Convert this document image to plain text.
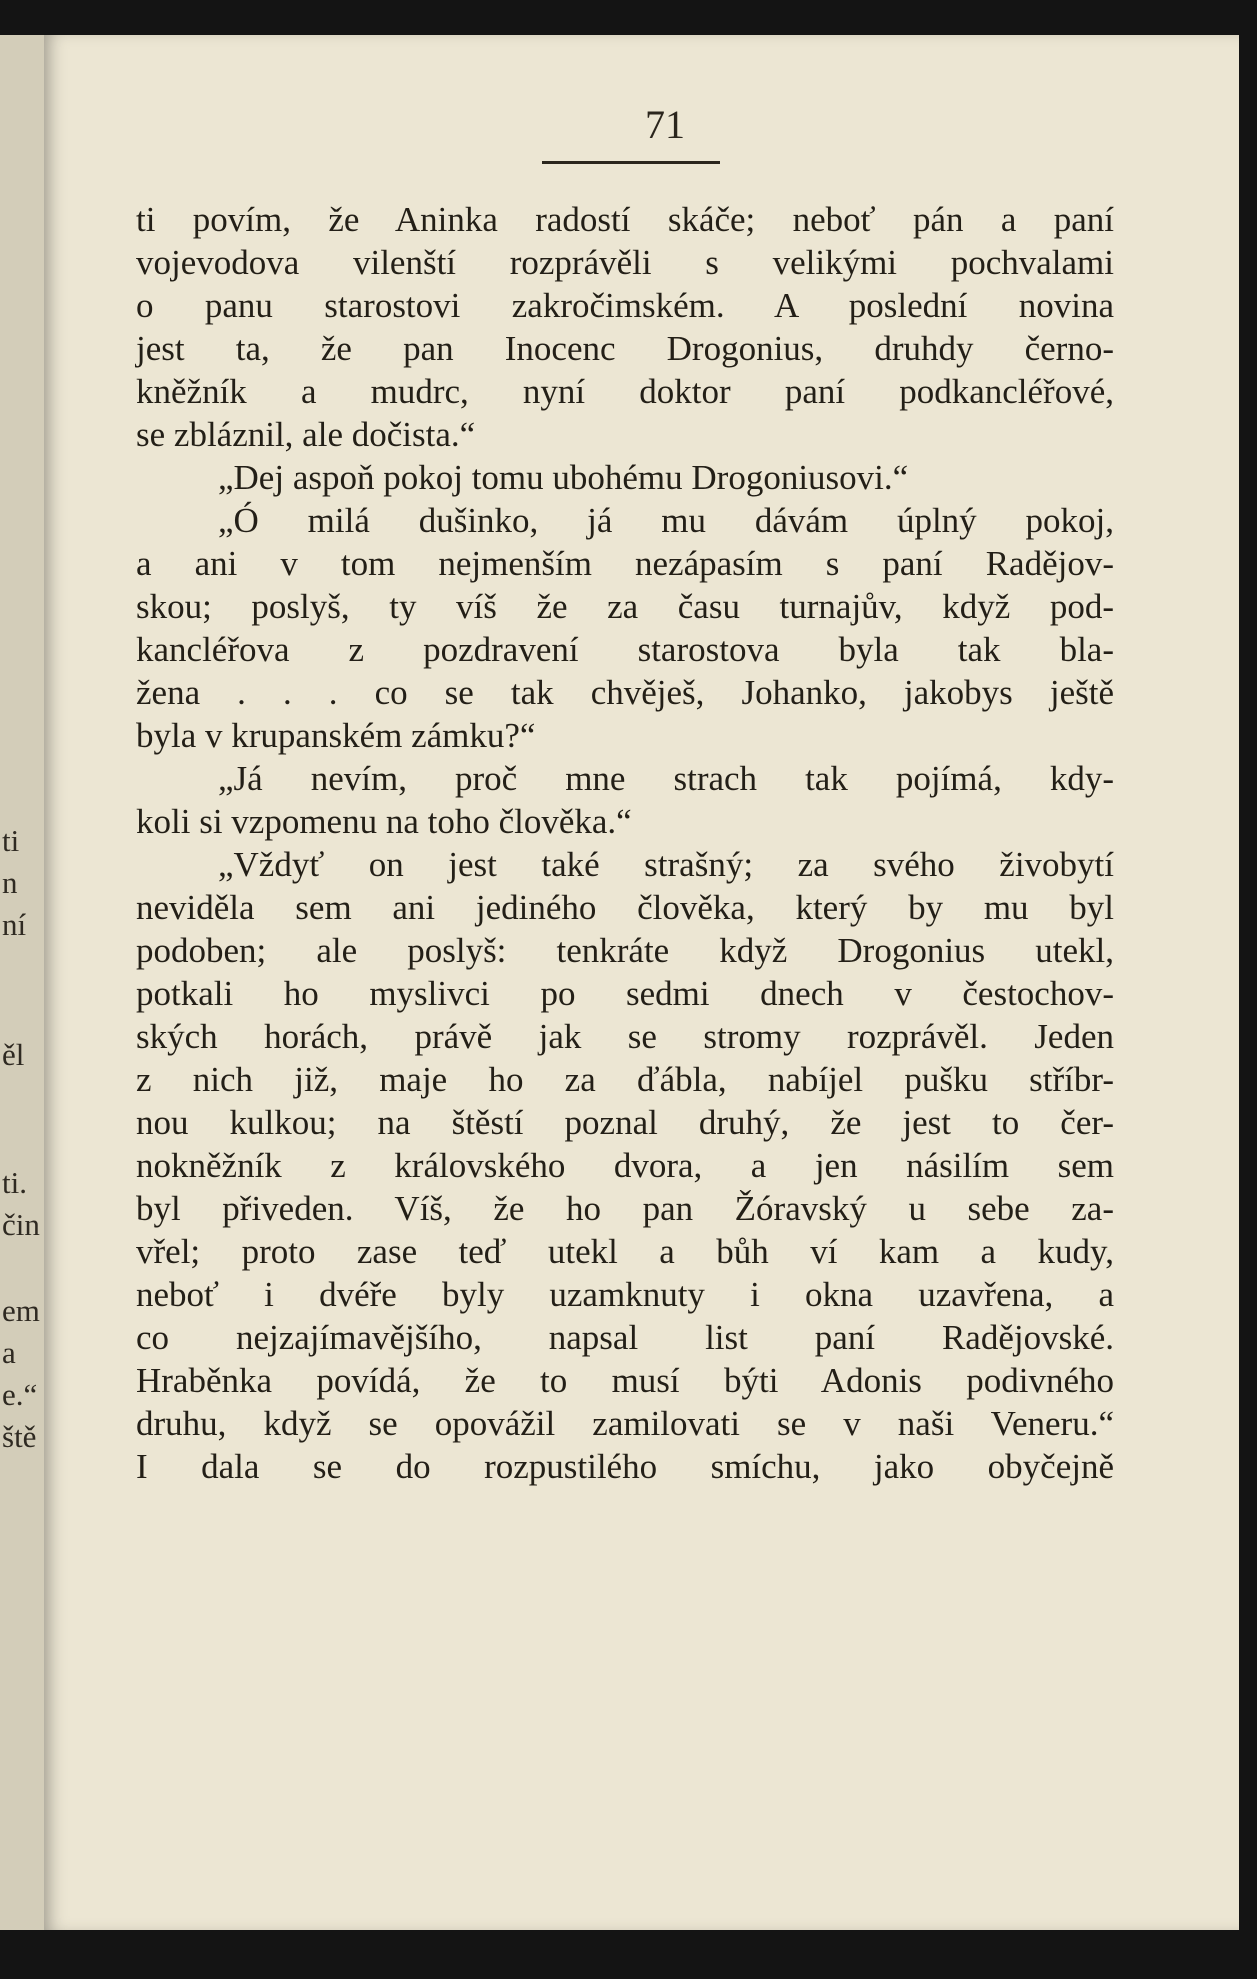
ti
n
ní
ěl
ti.
čin
em
a
e.“
ště
71
ti povím, že Aninka radostí skáče; neboť pán a paní
vojevodova vilenští rozprávěli s velikými pochvalami
o panu starostovi zakročimském. A poslední novina
jest ta, že pan Inocenc Drogonius, druhdy černo-
kněžník a mudrc, nyní doktor paní podkancléřové,
se zbláznil, ale dočista.“
„Dej aspoň pokoj tomu ubohému Drogoniusovi.“
„Ó milá dušinko, já mu dávám úplný pokoj,
a ani v tom nejmenším nezápasím s paní Radějov-
skou; poslyš, ty víš že za času turnajův, když pod-
kancléřova z pozdravení starostova byla tak bla-
žena . . . co se tak chvěješ, Johanko, jakobys ještě
byla v krupanském zámku?“
„Já nevím, proč mne strach tak pojímá, kdy-
koli si vzpomenu na toho člověka.“
„Vždyť on jest také strašný; za svého živobytí
neviděla sem ani jediného člověka, který by mu byl
podoben; ale poslyš: tenkráte když Drogonius utekl,
potkali ho myslivci po sedmi dnech v čestochov-
ských horách, právě jak se stromy rozprávěl. Jeden
z nich již, maje ho za ďábla, nabíjel pušku stříbr-
nou kulkou; na štěstí poznal druhý, že jest to čer-
nokněžník z královského dvora, a jen násilím sem
byl přiveden. Víš, že ho pan Žóravský u sebe za-
vřel; proto zase teď utekl a bůh ví kam a kudy,
neboť i dvéře byly uzamknuty i okna uzavřena, a
co nejzajímavějšího, napsal list paní Radějovské.
Hraběnka povídá, že to musí býti Adonis podivného
druhu, když se opovážil zamilovati se v naši Veneru.“
I dala se do rozpustilého smíchu, jako obyčejně
